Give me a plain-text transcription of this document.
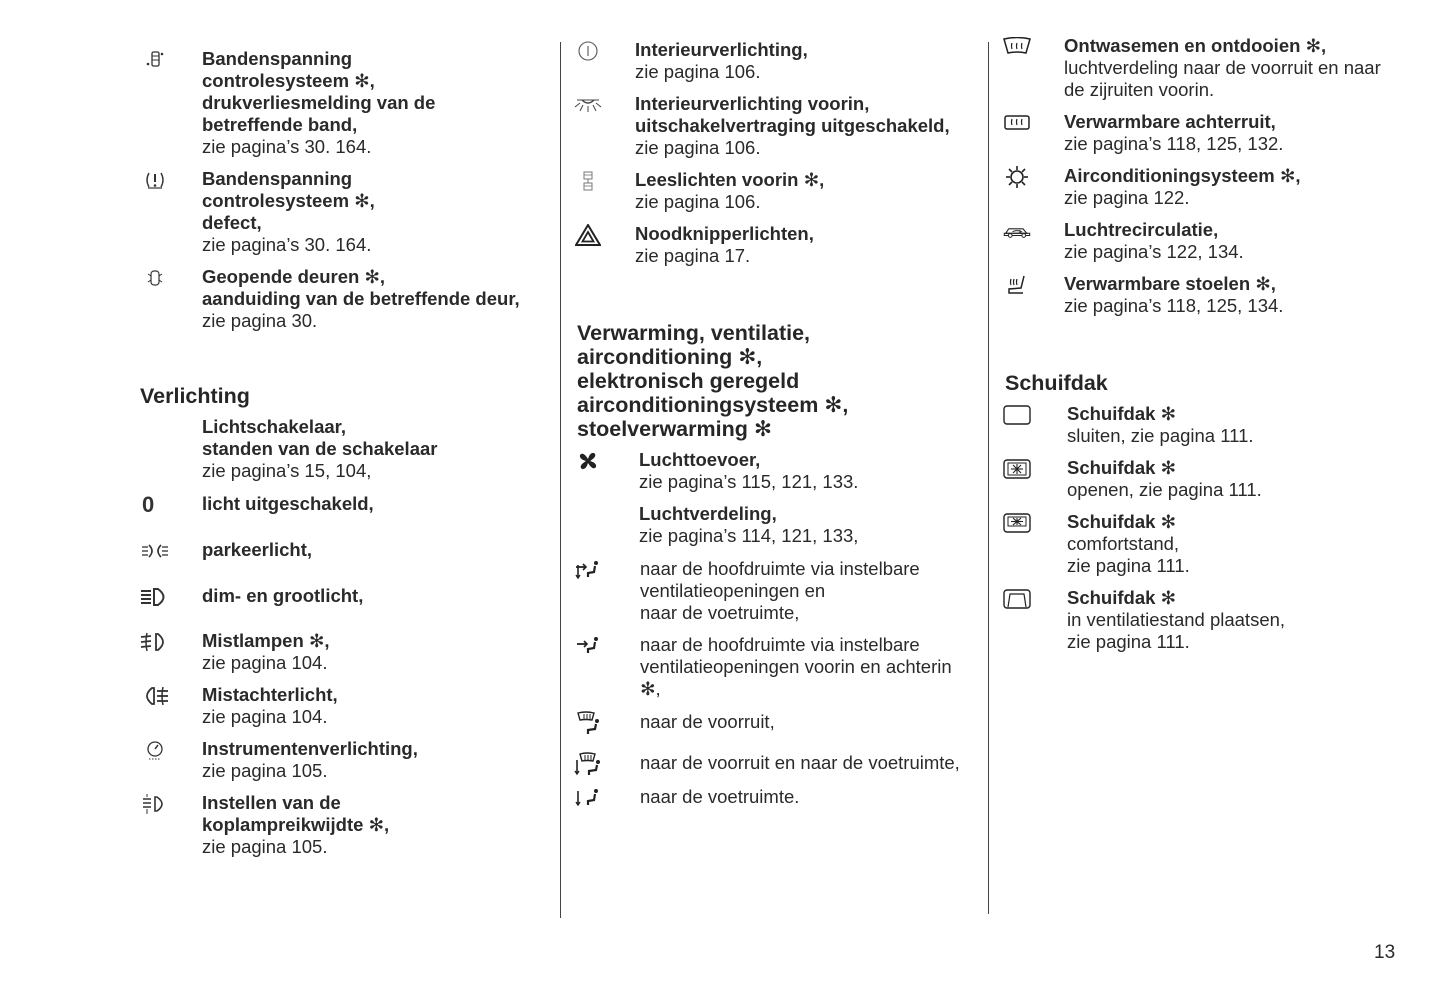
Bandenspanning
controlesysteem ✻,
drukverliesmelding van de
betreffende band,
zie pagina’s 30. 164.
Bandenspanning
controlesysteem ✻,
defect,
zie pagina’s 30. 164.
Geopende deuren ✻,
aanduiding van de betreffende deur,
zie pagina 30.
Verlichting
Lichtschakelaar,
standen van de schakelaar
zie pagina’s 15, 104,
0	licht uitgeschakeld,
parkeerlicht,
dim- en grootlicht,
Mistlampen ✻,
zie pagina 104.
Mistachterlicht,
zie pagina 104.
Instrumentenverlichting,
zie pagina 105.
Instellen van de
koplampreikwijdte ✻,
zie pagina 105.
Interieurverlichting,
zie pagina 106.
Interieurverlichting voorin,
uitschakelvertraging uitgeschakeld,
zie pagina 106.
Leeslichten voorin ✻,
zie pagina 106.
Noodknipperlichten,
zie pagina 17.
Verwarming, ventilatie,
airconditioning ✻,
elektronisch geregeld
airconditioningsysteem ✻,
stoelverwarming ✻
Luchttoevoer,
zie pagina’s 115, 121, 133.
Luchtverdeling,
zie pagina’s 114, 121, 133,
naar de hoofdruimte via instelbare
ventilatieopeningen en
naar de voetruimte,
naar de hoofdruimte via instelbare
ventilatieopeningen voorin en achterin
✻,
naar de voorruit,
naar de voorruit en naar de voetruimte,
naar de voetruimte.
Ontwasemen en ontdooien ✻,
luchtverdeling naar de voorruit en naar
de zijruiten voorin.
Verwarmbare achterruit,
zie pagina’s 118, 125, 132.
Airconditioningsysteem ✻,
zie pagina 122.
Luchtrecirculatie,
zie pagina’s 122, 134.
Verwarmbare stoelen ✻,
zie pagina’s 118, 125, 134.
Schuifdak
Schuifdak ✻
sluiten, zie pagina 111.
Schuifdak ✻
openen, zie pagina 111.
Schuifdak ✻
comfortstand,
zie pagina 111.
Schuifdak ✻
in ventilatiestand plaatsen,
zie pagina 111.
13
